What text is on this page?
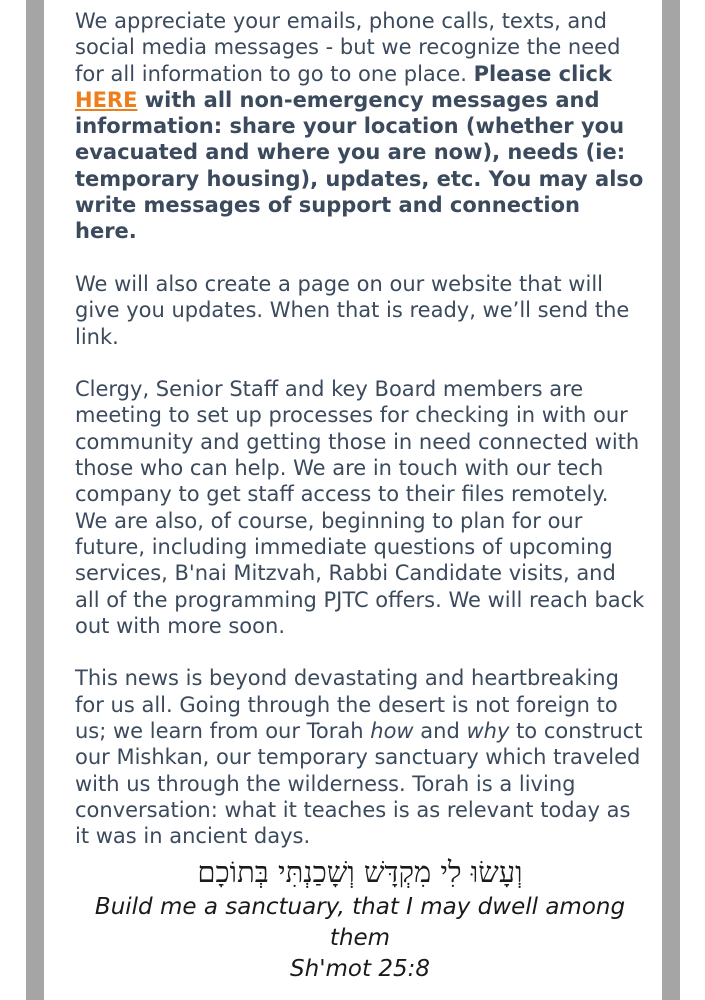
We appreciate your emails, phone calls, texts, and social media messages - but we recognize the need for all information to go to one place. Please click HERE with all non-emergency messages and information: share your location (whether you evacuated and where you are now), needs (ie: temporary housing), updates, etc. You may also write messages of support and connection here.

We will also create a page on our website that will give you updates. When that is ready, we’ll send the link.

Clergy, Senior Staff and key Board members are meeting to set up processes for checking in with our community and getting those in need connected with those who can help. We are in touch with our tech company to get staff access to their files remotely. We are also, of course, beginning to plan for our future, including immediate questions of upcoming services, B'nai Mitzvah, Rabbi Candidate visits, and all of the programming PJTC offers. We will reach back out with more soon.

This news is beyond devastating and heartbreaking for us all. Going through the desert is not foreign to us; we learn from our Torah how and why to construct our Mishkan, our temporary sanctuary which traveled with us through the wilderness. Torah is a living conversation: what it teaches is as relevant today as it was in ancient days.

וְעָשׂוּ לִי מִקְדָּשׁ וְשָׁכַנְתִּי בְּתוֹכָם
Build me a sanctuary, that I may dwell among them
Sh'mot 25:8
